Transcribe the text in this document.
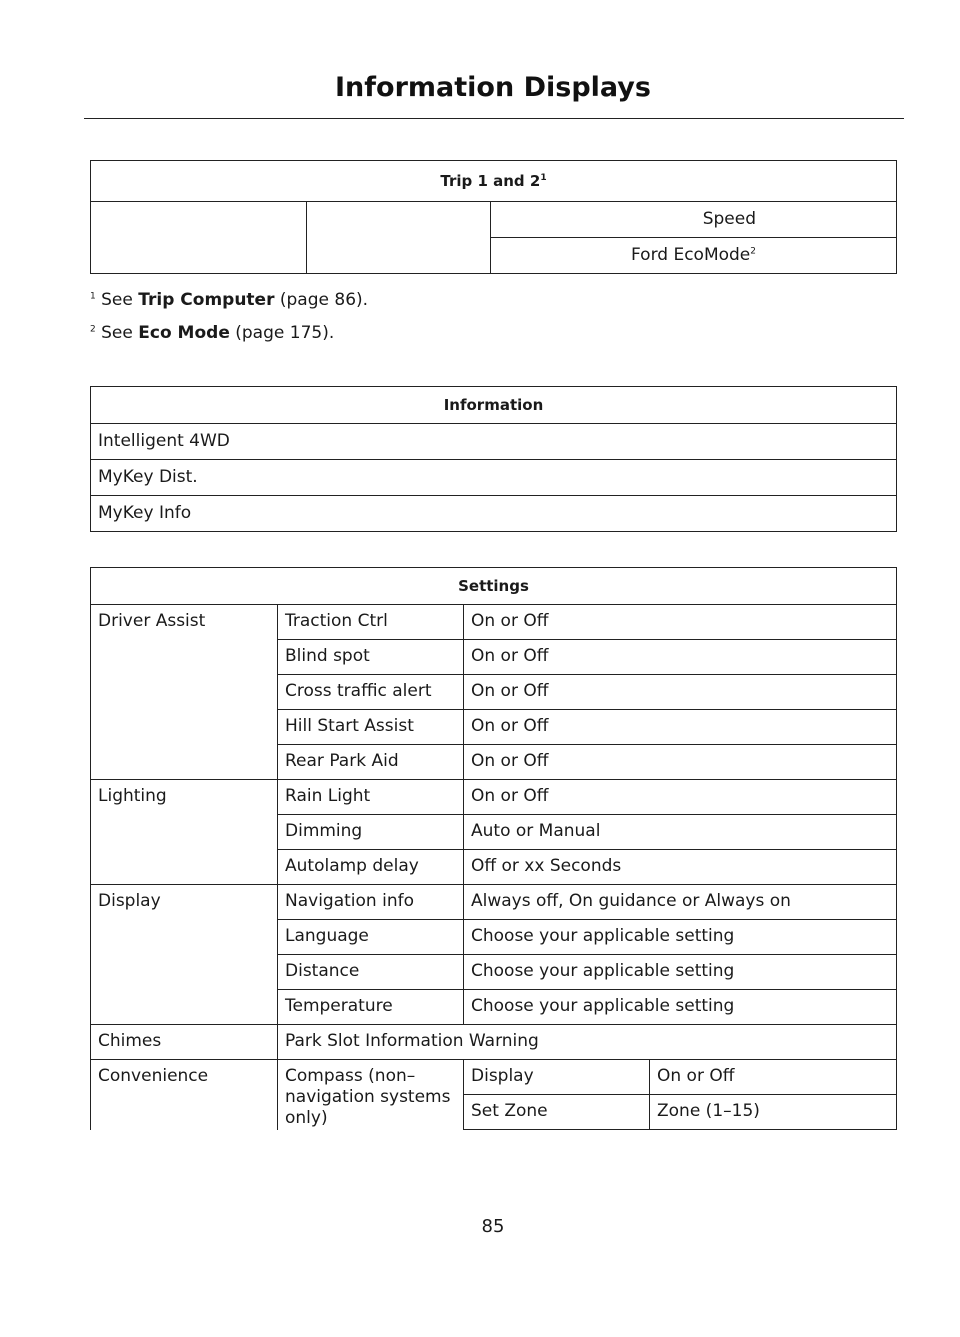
Information Displays
Trip 1 and $2^1$
		Speed
Ford EcoMode$^2$
$^1$ See Trip Computer (page 86).
$^2$ See Eco Mode (page 175).
Information
Intelligent 4WD
MyKey Dist.
MyKey Info
Settings			
Driver Assist	Traction Ctrl	On or Off	
	Blind spot	On or Off	
	Cross traffic alert	On or Off	
	Hill Start Assist	On or Off	
	Rear Park Aid	On or Off	
Lighting	Rain Light	On or Off	
	Dimming	Auto or Manual	
	Autolamp delay	Off or xx Seconds	
Display	Navigation info	Always off, On guidance or Always on	
	Language	Choose your applicable setting	
	Distance	Choose your applicable setting	
	Temperature	Choose your applicable setting	
Chimes	Park Slot Information Warning		
Convenience	Compass (non–navigation systems only)	Display	On or Off
		Set Zone	Zone (1–15)
85
